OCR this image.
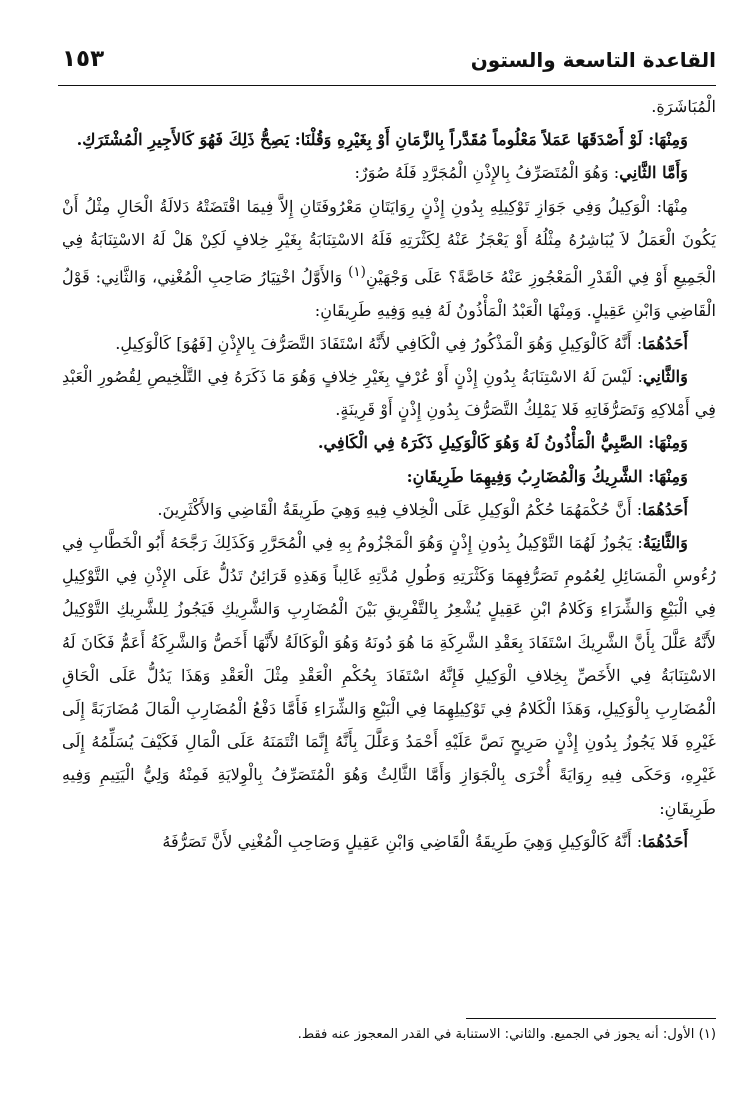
القاعدة التاسعة والستون
١٥٣

الْمُبَاشَرَةِ.

وَمِنْهَا: لَوْ أَصْدَقَهَا عَمَلاً مَعْلُوماً مُقَدَّراً بِالزَّمَانِ أَوْ بِغَيْرِهِ وَقُلْنَا: يَصِحُّ ذَلِكَ فَهُوَ كَالأَجِيرِ الْمُشْتَرَكِ.

وَأَمَّا الثَّانِي: وَهُوَ الْمُتَصَرِّفُ بِالإِذْنِ الْمُجَرَّدِ فَلَهُ صُوَرٌ:

مِنْهَا: الْوَكِيلُ وَفِي جَوَازِ تَوْكِيلِهِ بِدُونِ إِذْنٍ رِوَايَتَانِ مَعْرُوفَتَانِ إِلاَّ فِيمَا اقْتَضَتْهُ دَلالَةُ الْحَالِ مِثْلُ أَنْ يَكُونَ الْعَمَلُ لاَ يُبَاشِرُهُ مِثْلُهُ أَوْ يَعْجَزُ عَنْهُ لِكَثْرَتِهِ فَلَهُ الاسْتِنَابَةُ بِغَيْرِ خِلافٍ لَكِنْ هَلْ لَهُ الاسْتِنَابَةُ فِي الْجَمِيعِ أَوْ فِي الْقَدْرِ الْمَعْجُوزِ عَنْهُ خَاصَّةً؟ عَلَى وَجْهَيْنِ$^{(١)}$ وَالأَوَّلُ اخْتِيَارُ صَاحِبِ الْمُغْنِي، وَالثَّانِي: قَوْلُ الْقَاضِي وَابْنِ عَقِيلٍ. وَمِنْهَا الْعَبْدُ الْمَأْذُونُ لَهُ فِيهِ وَفِيهِ طَرِيقَانِ:

أَحَدُهُمَا: أَنَّهُ كَالْوَكِيلِ وَهُوَ الْمَذْكُورُ فِي الْكَافِي لأَنَّهُ اسْتَفَادَ التَّصَرُّفَ بِالإِذْنِ [فَهُوَ] كَالْوَكِيلِ.

وَالثَّانِي: لَيْسَ لَهُ الاسْتِنَابَةُ بِدُونِ إِذْنٍ أَوْ عُرْفٍ بِغَيْرِ خِلافٍ وَهُوَ مَا ذَكَرَهُ فِي التَّلْخِيصِ لِقُصُورِ الْعَبْدِ فِي أَمْلاكِهِ وَتَصَرُّفَاتِهِ فَلا يَمْلِكُ التَّصَرُّفَ بِدُونِ إِذْنٍ أَوْ قَرِينَةٍ.

وَمِنْهَا: الصَّبِيُّ الْمَأْذُونُ لَهُ وَهُوَ كَالْوَكِيلِ ذَكَرَهُ فِي الْكَافِي.

وَمِنْهَا: الشَّرِيكُ وَالْمُضَارِبُ وَفِيهِمَا طَرِيقَانِ:

أَحَدُهُمَا: أَنَّ حُكْمَهُمَا حُكْمُ الْوَكِيلِ عَلَى الْخِلافِ فِيهِ وَهِيَ طَرِيقَةُ الْقَاضِي وَالأَكْثَرِينَ.

وَالثَّانِيَةُ: يَجُوزُ لَهُمَا التَّوْكِيلُ بِدُونِ إِذْنٍ وَهُوَ الْمَجْزُومُ بِهِ فِي الْمُحَرَّرِ وَكَذَلِكَ رَجَّحَهُ أَبُو الْخَطَّابِ فِي رُءُوسِ الْمَسَائِلِ لِعُمُومِ تَصَرُّفِهِمَا وَكَثْرَتِهِ وَطُولِ مُدَّتِهِ غَالِباً وَهَذِهِ قَرَائِنُ تَدُلُّ عَلَى الإِذْنِ فِي التَّوْكِيلِ فِي الْبَيْعِ وَالشِّرَاءِ وَكَلامُ ابْنِ عَقِيلٍ يُشْعِرُ بِالتَّفْرِيقِ بَيْنَ الْمُضَارِبِ وَالشَّرِيكِ فَيَجُوزُ لِلشَّرِيكِ التَّوْكِيلُ لأَنَّهُ عَلَّلَ بِأَنَّ الشَّرِيكَ اسْتَفَادَ بِعَقْدِ الشَّرِكَةِ مَا هُوَ دُونَهُ وَهُوَ الْوَكَالَةُ لأَنَّهَا أَخَصُّ وَالشَّرِكَةُ أَعَمُّ فَكَانَ لَهُ الاسْتِنَابَةُ فِي الأَخَصِّ بِخِلافِ الْوَكِيلِ فَإِنَّهُ اسْتَفَادَ بِحُكْمِ الْعَقْدِ مِثْلَ الْعَقْدِ وَهَذَا يَدُلُّ عَلَى الْحَاقِ الْمُضَارِبِ بِالْوَكِيلِ، وَهَذَا الْكَلامُ فِي تَوْكِيلِهِمَا فِي الْبَيْعِ وَالشِّرَاءِ فَأَمَّا دَفْعُ الْمُضَارِبِ الْمَالَ مُضَارَبَةً إِلَى غَيْرِهِ فَلا يَجُوزُ بِدُونِ إِذْنٍ صَرِيحٍ نَصَّ عَلَيْهِ أَحْمَدُ وَعَلَّلَ بِأَنَّهُ إِنَّمَا ائْتَمَنَهُ عَلَى الْمَالِ فَكَيْفَ يُسَلِّمُهُ إِلَى غَيْرِهِ، وَحَكَى فِيهِ رِوَايَةً أُخْرَى بِالْجَوَازِ وَأَمَّا الثَّالِثُ وَهُوَ الْمُتَصَرِّفُ بِالْوِلايَةِ فَمِنْهُ وَلِيُّ الْيَتِيمِ وَفِيهِ طَرِيقَانِ:

أَحَدُهُمَا: أَنَّهُ كَالْوَكِيلِ وَهِيَ طَرِيقَةُ الْقَاضِي وَابْنِ عَقِيلٍ وَصَاحِبِ الْمُغْنِي لأَنَّ تَصَرُّفَهُ

(١) الأول: أنه يجوز في الجميع. والثاني: الاستنابة في القدر المعجوز عنه فقط.
